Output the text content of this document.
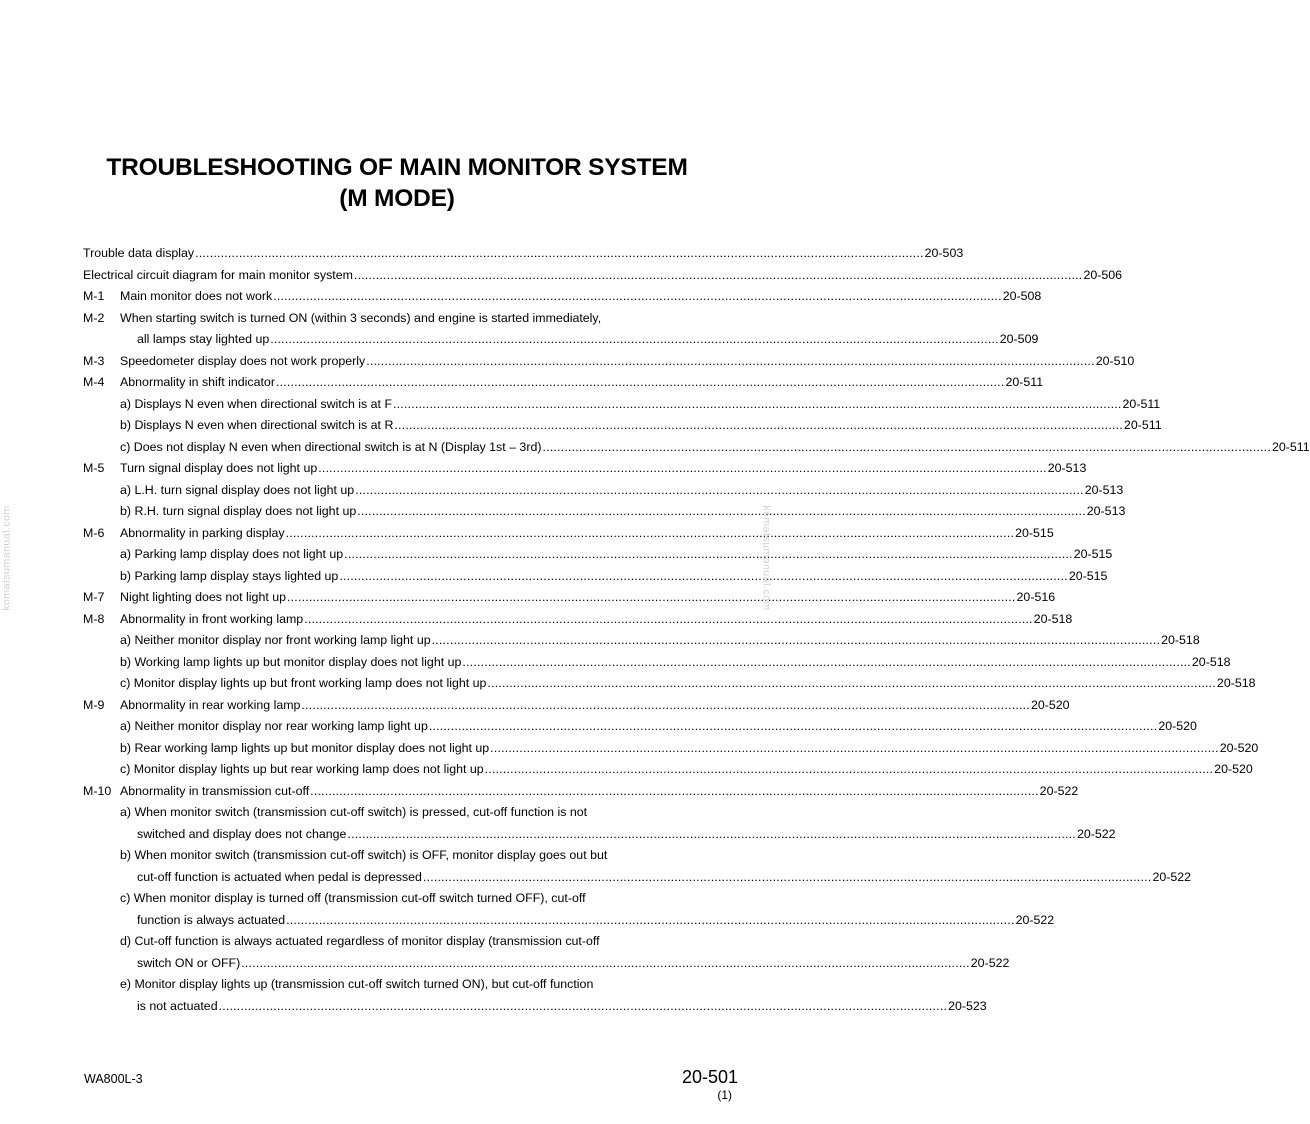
TROUBLESHOOTING OF MAIN MONITOR SYSTEM
(M MODE)
Trouble data display ........................................................................................................................................................................................................ 20-503
Electrical circuit diagram for main monitor system ........................................................................................................................................................................................................ 20-506
M-1 Main monitor does not work ........................................................................................................................................................................................................ 20-508
M-2 When starting switch is turned ON (within 3 seconds) and engine is started immediately,
all lamps stay lighted up ........................................................................................................................................................................................................ 20-509
M-3 Speedometer display does not work properly ........................................................................................................................................................................................................ 20-510
M-4 Abnormality in shift indicator ........................................................................................................................................................................................................ 20-511
a) Displays N even when directional switch is at F ........................................................................................................................................................................................................ 20-511
b) Displays N even when directional switch is at R ........................................................................................................................................................................................................ 20-511
c) Does not display N even when directional switch is at N (Display 1st – 3rd) ........................................................................................................................................................................................................ 20-511
M-5 Turn signal display does not light up ........................................................................................................................................................................................................ 20-513
a) L.H. turn signal display does not light up ........................................................................................................................................................................................................ 20-513
b) R.H. turn signal display does not light up ........................................................................................................................................................................................................ 20-513
M-6 Abnormality in parking display ........................................................................................................................................................................................................ 20-515
a) Parking lamp display does not light up ........................................................................................................................................................................................................ 20-515
b) Parking lamp display stays lighted up ........................................................................................................................................................................................................ 20-515
M-7 Night lighting does not light up ........................................................................................................................................................................................................ 20-516
M-8 Abnormality in front working lamp ........................................................................................................................................................................................................ 20-518
a) Neither monitor display nor front working lamp light up ........................................................................................................................................................................................................ 20-518
b) Working lamp lights up but monitor display does not light up ........................................................................................................................................................................................................ 20-518
c) Monitor display lights up but front working lamp does not light up ........................................................................................................................................................................................................ 20-518
M-9 Abnormality in rear working lamp ........................................................................................................................................................................................................ 20-520
a) Neither monitor display nor rear working lamp light up ........................................................................................................................................................................................................ 20-520
b) Rear working lamp lights up but monitor display does not light up ........................................................................................................................................................................................................ 20-520
c) Monitor display lights up but rear working lamp does not light up ........................................................................................................................................................................................................ 20-520
M-10 Abnormality in transmission cut-off ........................................................................................................................................................................................................ 20-522
a) When monitor switch (transmission cut-off switch) is pressed, cut-off function is not
switched and display does not change ........................................................................................................................................................................................................ 20-522
b) When monitor switch (transmission cut-off switch) is OFF, monitor display goes out but
cut-off function is actuated when pedal is depressed ........................................................................................................................................................................................................ 20-522
c) When monitor display is turned off (transmission cut-off switch turned OFF), cut-off
function is always actuated ........................................................................................................................................................................................................ 20-522
d) Cut-off function is always actuated regardless of monitor display (transmission cut-off
switch ON or OFF) ........................................................................................................................................................................................................ 20-522
e) Monitor display lights up (transmission cut-off switch turned ON), but cut-off function
is not actuated ........................................................................................................................................................................................................ 20-523
komatsumanual.com	komatsumanual.com
WA800L-3	20-501
(1)
